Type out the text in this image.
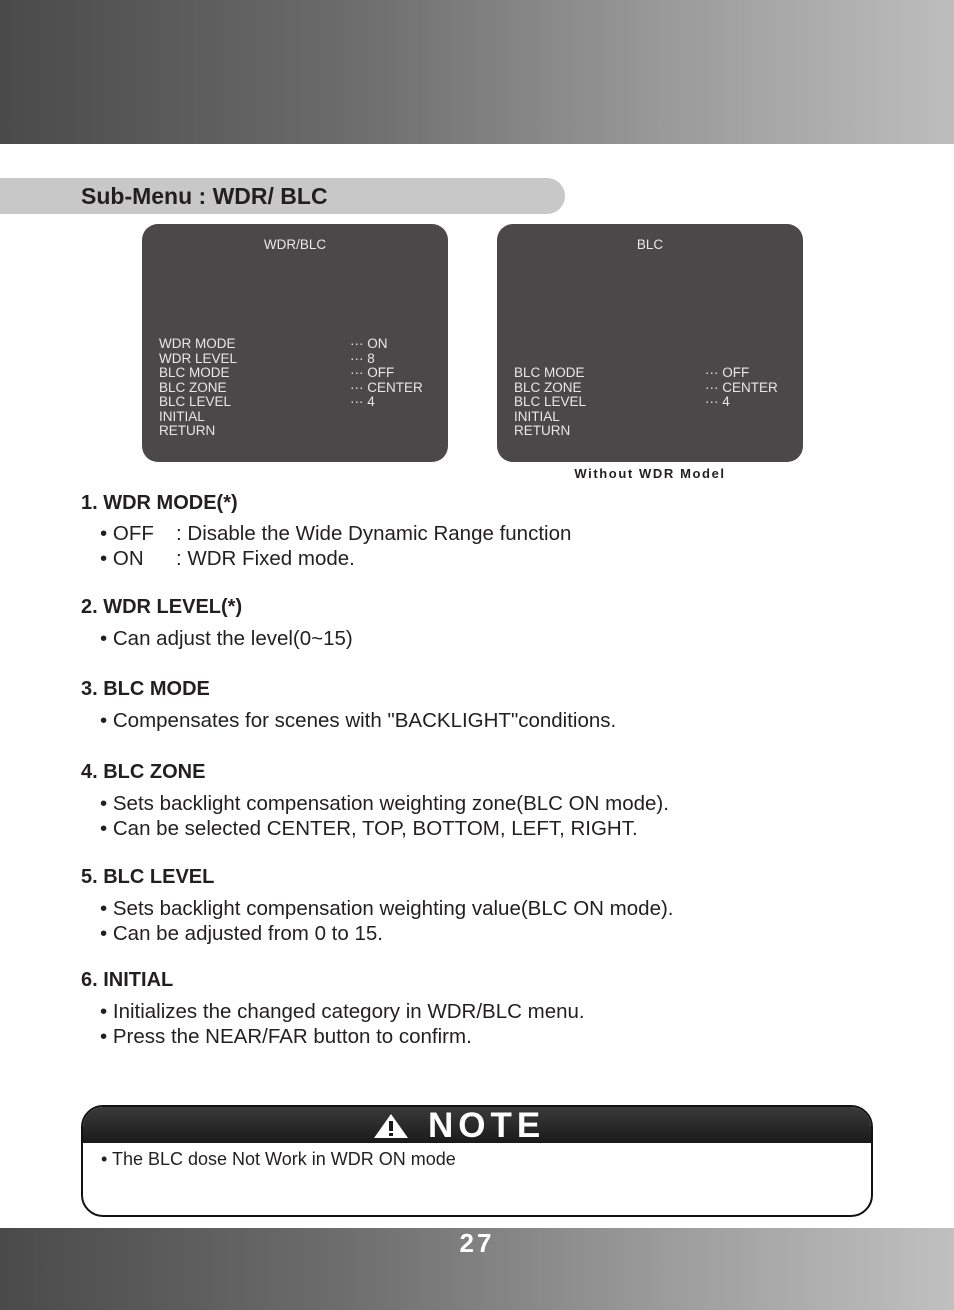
Sub-Menu : WDR/ BLC
WDR/BLC
WDR MODE	··· ON
WDR LEVEL	··· 8
BLC MODE	··· OFF
BLC ZONE	··· CENTER
BLC LEVEL	··· 4
INITIAL
RETURN
BLC
BLC MODE	··· OFF
BLC ZONE	··· CENTER
BLC LEVEL	··· 4
INITIAL
RETURN
Without WDR Model
1. WDR MODE(*)
• OFF : Disable the Wide Dynamic Range function
• ON : WDR Fixed mode.
2. WDR LEVEL(*)
• Can adjust the level(0~15)
3. BLC MODE
• Compensates for scenes with "BACKLIGHT"conditions.
4. BLC ZONE
• Sets backlight compensation weighting zone(BLC ON mode).
• Can be selected CENTER, TOP, BOTTOM, LEFT, RIGHT.
5. BLC LEVEL
• Sets backlight compensation weighting value(BLC ON mode).
• Can be adjusted from 0 to 15.
6. INITIAL
• Initializes the changed category in WDR/BLC menu.
• Press the NEAR/FAR button to confirm.
NOTE
• The BLC dose Not Work in WDR ON mode
27
